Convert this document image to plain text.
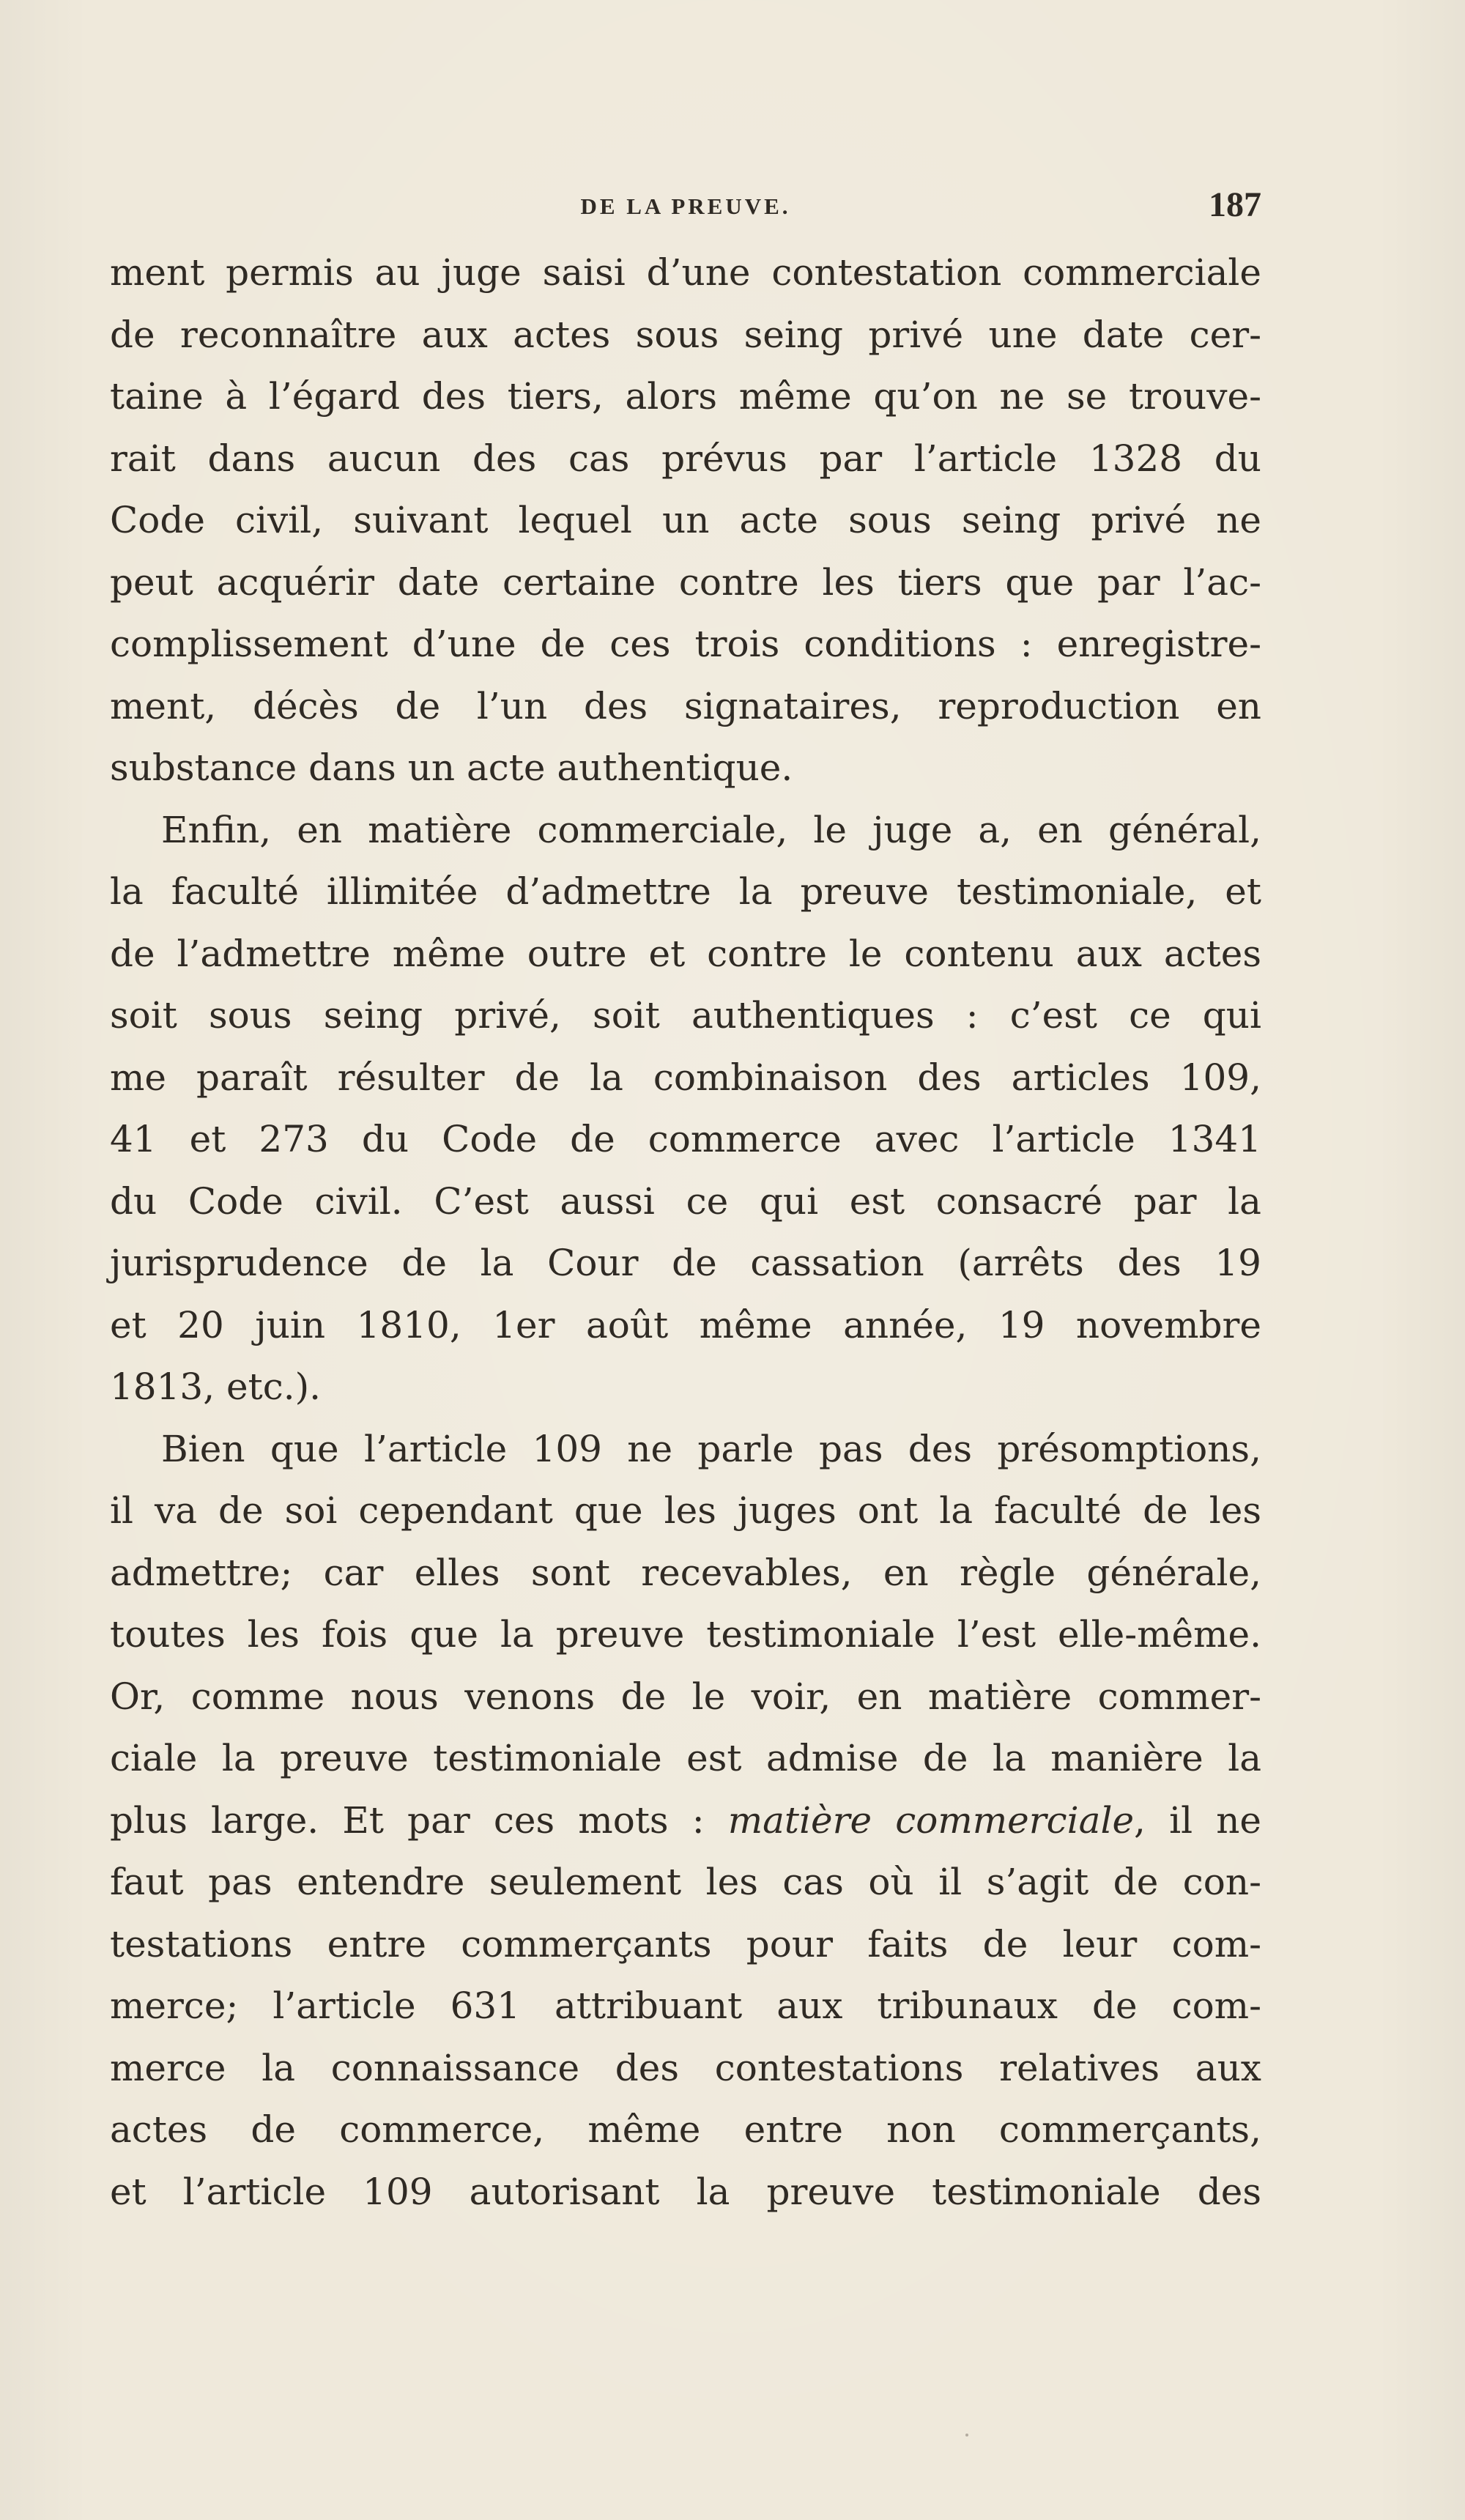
DE LA PREUVE.	187
ment permis au juge saisi d’une contestation commerciale
de reconnaître aux actes sous seing privé une date cer-
taine à l’égard des tiers, alors même qu’on ne se trouve-
rait dans aucun des cas prévus par l’article 1328 du
Code civil, suivant lequel un acte sous seing privé ne
peut acquérir date certaine contre les tiers que par l’ac-
complissement d’une de ces trois conditions : enregistre-
ment, décès de l’un des signataires, reproduction en
substance dans un acte authentique.
Enfin, en matière commerciale, le juge a, en général,
la faculté illimitée d’admettre la preuve testimoniale, et
de l’admettre même outre et contre le contenu aux actes
soit sous seing privé, soit authentiques : c’est ce qui
me paraît résulter de la combinaison des articles 109,
41 et 273 du Code de commerce avec l’article 1341
du Code civil. C’est aussi ce qui est consacré par la
jurisprudence de la Cour de cassation (arrêts des 19
et 20 juin 1810, 1er août même année, 19 novembre
1813, etc.).
Bien que l’article 109 ne parle pas des présomptions,
il va de soi cependant que les juges ont la faculté de les
admettre; car elles sont recevables, en règle générale,
toutes les fois que la preuve testimoniale l’est elle-même.
Or, comme nous venons de le voir, en matière commer-
ciale la preuve testimoniale est admise de la manière la
plus large. Et par ces mots : matière commerciale, il ne
faut pas entendre seulement les cas où il s’agit de con-
testations entre commerçants pour faits de leur com-
merce; l’article 631 attribuant aux tribunaux de com-
merce la connaissance des contestations relatives aux
actes de commerce, même entre non commerçants,
et l’article 109 autorisant la preuve testimoniale des
